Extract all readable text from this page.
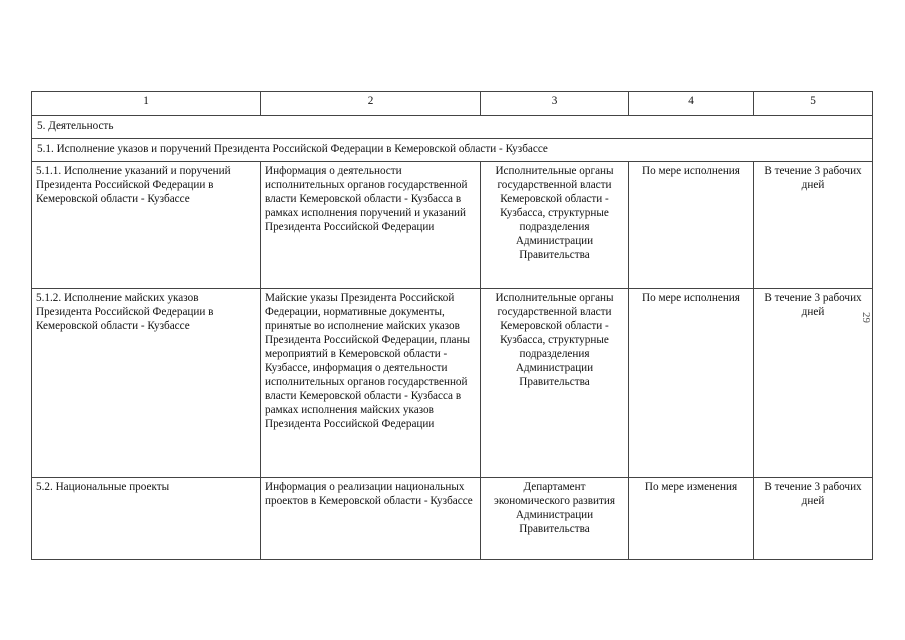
29
1	2	3	4	5
5. Деятельность				
5.1. Исполнение указов и поручений Президента Российской Федерации в Кемеровской области - Кузбассе				
5.1.1. Исполнение указаний и поручений Президента Российской Федерации в Кемеровской области - Кузбассе	Информация о деятельности исполнительных органов государственной власти Кемеровской области - Кузбасса в рамках исполнения поручений и указаний Президента Российской Федерации	Исполнительные органы государственной власти Кемеровской области - Кузбасса, структурные подразделения Администрации Правительства	По мере исполнения	В течение 3 рабочих дней
5.1.2. Исполнение майских указов Президента Российской Федерации в Кемеровской области - Кузбассе	Майские указы Президента Российской Федерации, нормативные документы, принятые во исполнение майских указов Президента Российской Федерации, планы мероприятий в Кемеровской области - Кузбассе, информация о деятельности исполнительных органов государственной власти Кемеровской области - Кузбасса в рамках исполнения майских указов Президента Российской Федерации	Исполнительные органы государственной власти Кемеровской области - Кузбасса, структурные подразделения Администрации Правительства	По мере исполнения	В течение 3 рабочих дней
5.2. Национальные проекты	Информация о реализации национальных проектов в Кемеровской области - Кузбассе	Департамент экономического развития Администрации Правительства	По мере изменения	В течение 3 рабочих дней
